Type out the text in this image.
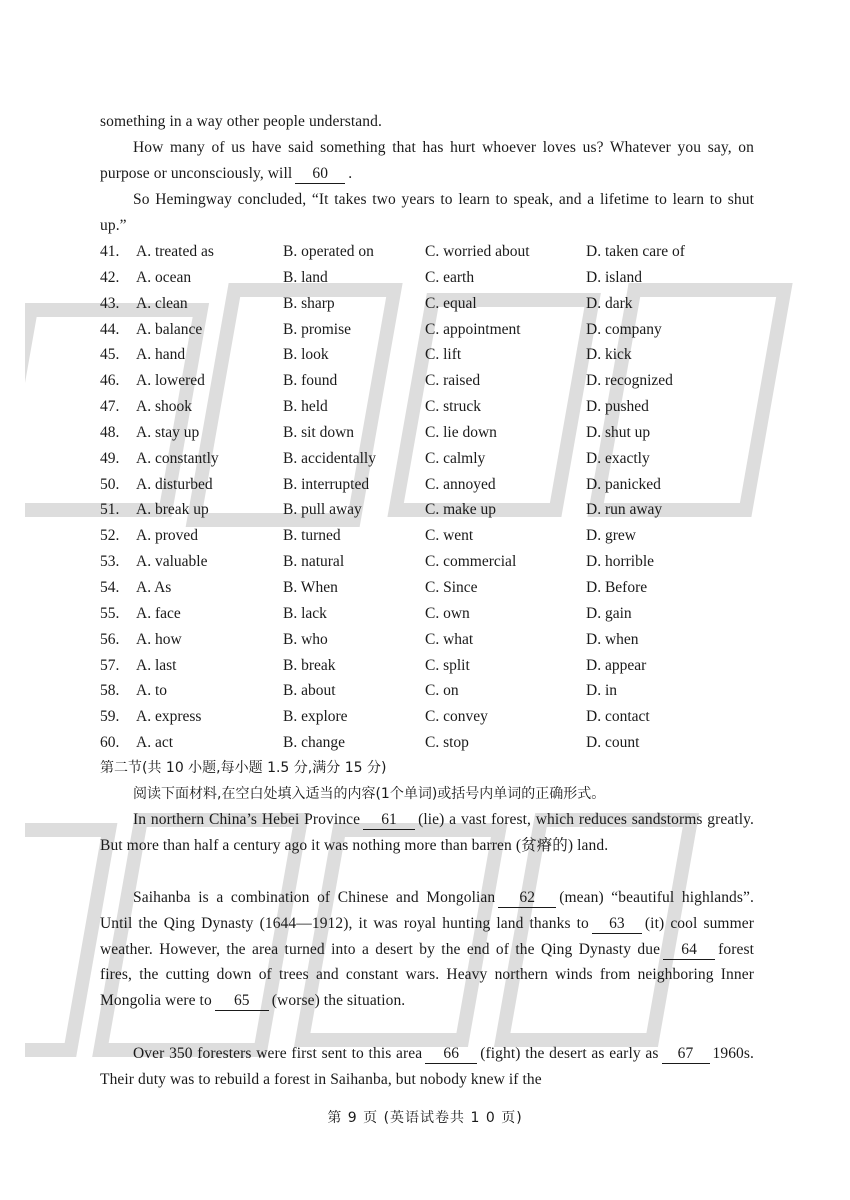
something in a way other people understand.

How many of us have said something that has hurt whoever loves us? Whatever you say, on purpose or unconsciously, will 60 .

So Hemingway concluded, “It takes two years to learn to speak, and a lifetime to learn to shut up.”

41. A. treated as	B. operated on	C. worried about	D. taken care of
42. A. ocean	B. land	C. earth	D. island
43. A. clean	B. sharp	C. equal	D. dark
44. A. balance	B. promise	C. appointment	D. company
45. A. hand	B. look	C. lift	D. kick
46. A. lowered	B. found	C. raised	D. recognized
47. A. shook	B. held	C. struck	D. pushed
48. A. stay up	B. sit down	C. lie down	D. shut up
49. A. constantly	B. accidentally	C. calmly	D. exactly
50. A. disturbed	B. interrupted	C. annoyed	D. panicked
51. A. break up	B. pull away	C. make up	D. run away
52. A. proved	B. turned	C. went	D. grew
53. A. valuable	B. natural	C. commercial	D. horrible
54. A. As	B. When	C. Since	D. Before
55. A. face	B. lack	C. own	D. gain
56. A. how	B. who	C. what	D. when
57. A. last	B. break	C. split	D. appear
58. A. to	B. about	C. on	D. in
59. A. express	B. explore	C. convey	D. contact
60. A. act	B. change	C. stop	D. count
第二节(共 10 小题,每小题 1.5 分,满分 15 分)
阅读下面材料,在空白处填入适当的内容(1个单词)或括号内单词的正确形式。

In northern China’s Hebei Province 61 (lie) a vast forest, which reduces sandstorms greatly. But more than half a century ago it was nothing more than barren (贫瘠的) land.

Saihanba is a combination of Chinese and Mongolian 62 (mean) “beautiful highlands”. Until the Qing Dynasty (1644—1912), it was royal hunting land thanks to 63 (it) cool summer weather. However, the area turned into a desert by the end of the Qing Dynasty due 64 forest fires, the cutting down of trees and constant wars. Heavy northern winds from neighboring Inner Mongolia were to 65 (worse) the situation.

Over 350 foresters were first sent to this area 66 (fight) the desert as early as 67 1960s. Their duty was to rebuild a forest in Saihanba, but nobody knew if the

第 9 页 (英语试卷共 1 0 页)
